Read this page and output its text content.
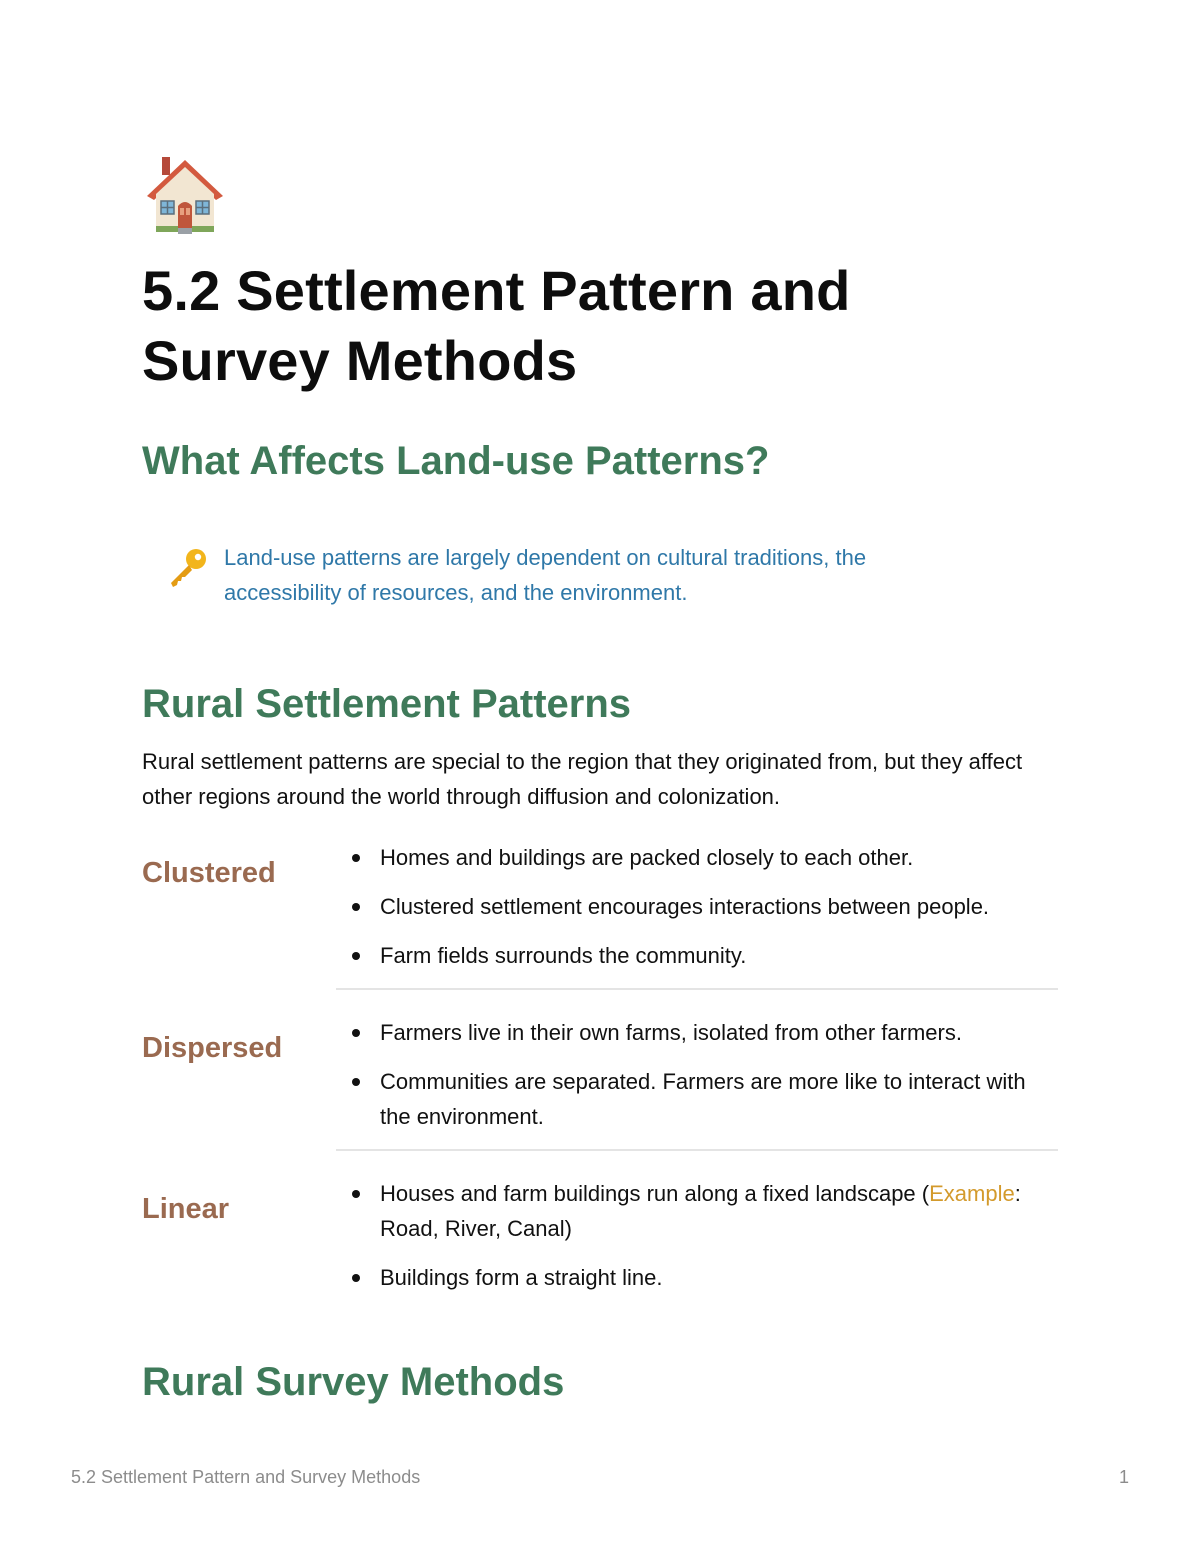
5.2 Settlement Pattern and
Survey Methods
What Affects Land-use Patterns?
Land-use patterns are largely dependent on cultural traditions, the accessibility of resources, and the environment.
Rural Settlement Patterns

Rural settlement patterns are special to the region that they originated from, but they affect other regions around the world through diffusion and colonization.

Clustered	Homes and buildings are packed closely to each other.
Clustered settlement encourages interactions between people.
Farm fields surrounds the community.
Dispersed	Farmers live in their own farms, isolated from other farmers.
Communities are separated. Farmers are more like to interact with the environment.
Linear	Houses and farm buildings run along a fixed landscape (Example: Road, River, Canal)
Buildings form a straight line.
Rural Survey Methods
5.2 Settlement Pattern and Survey Methods	1
